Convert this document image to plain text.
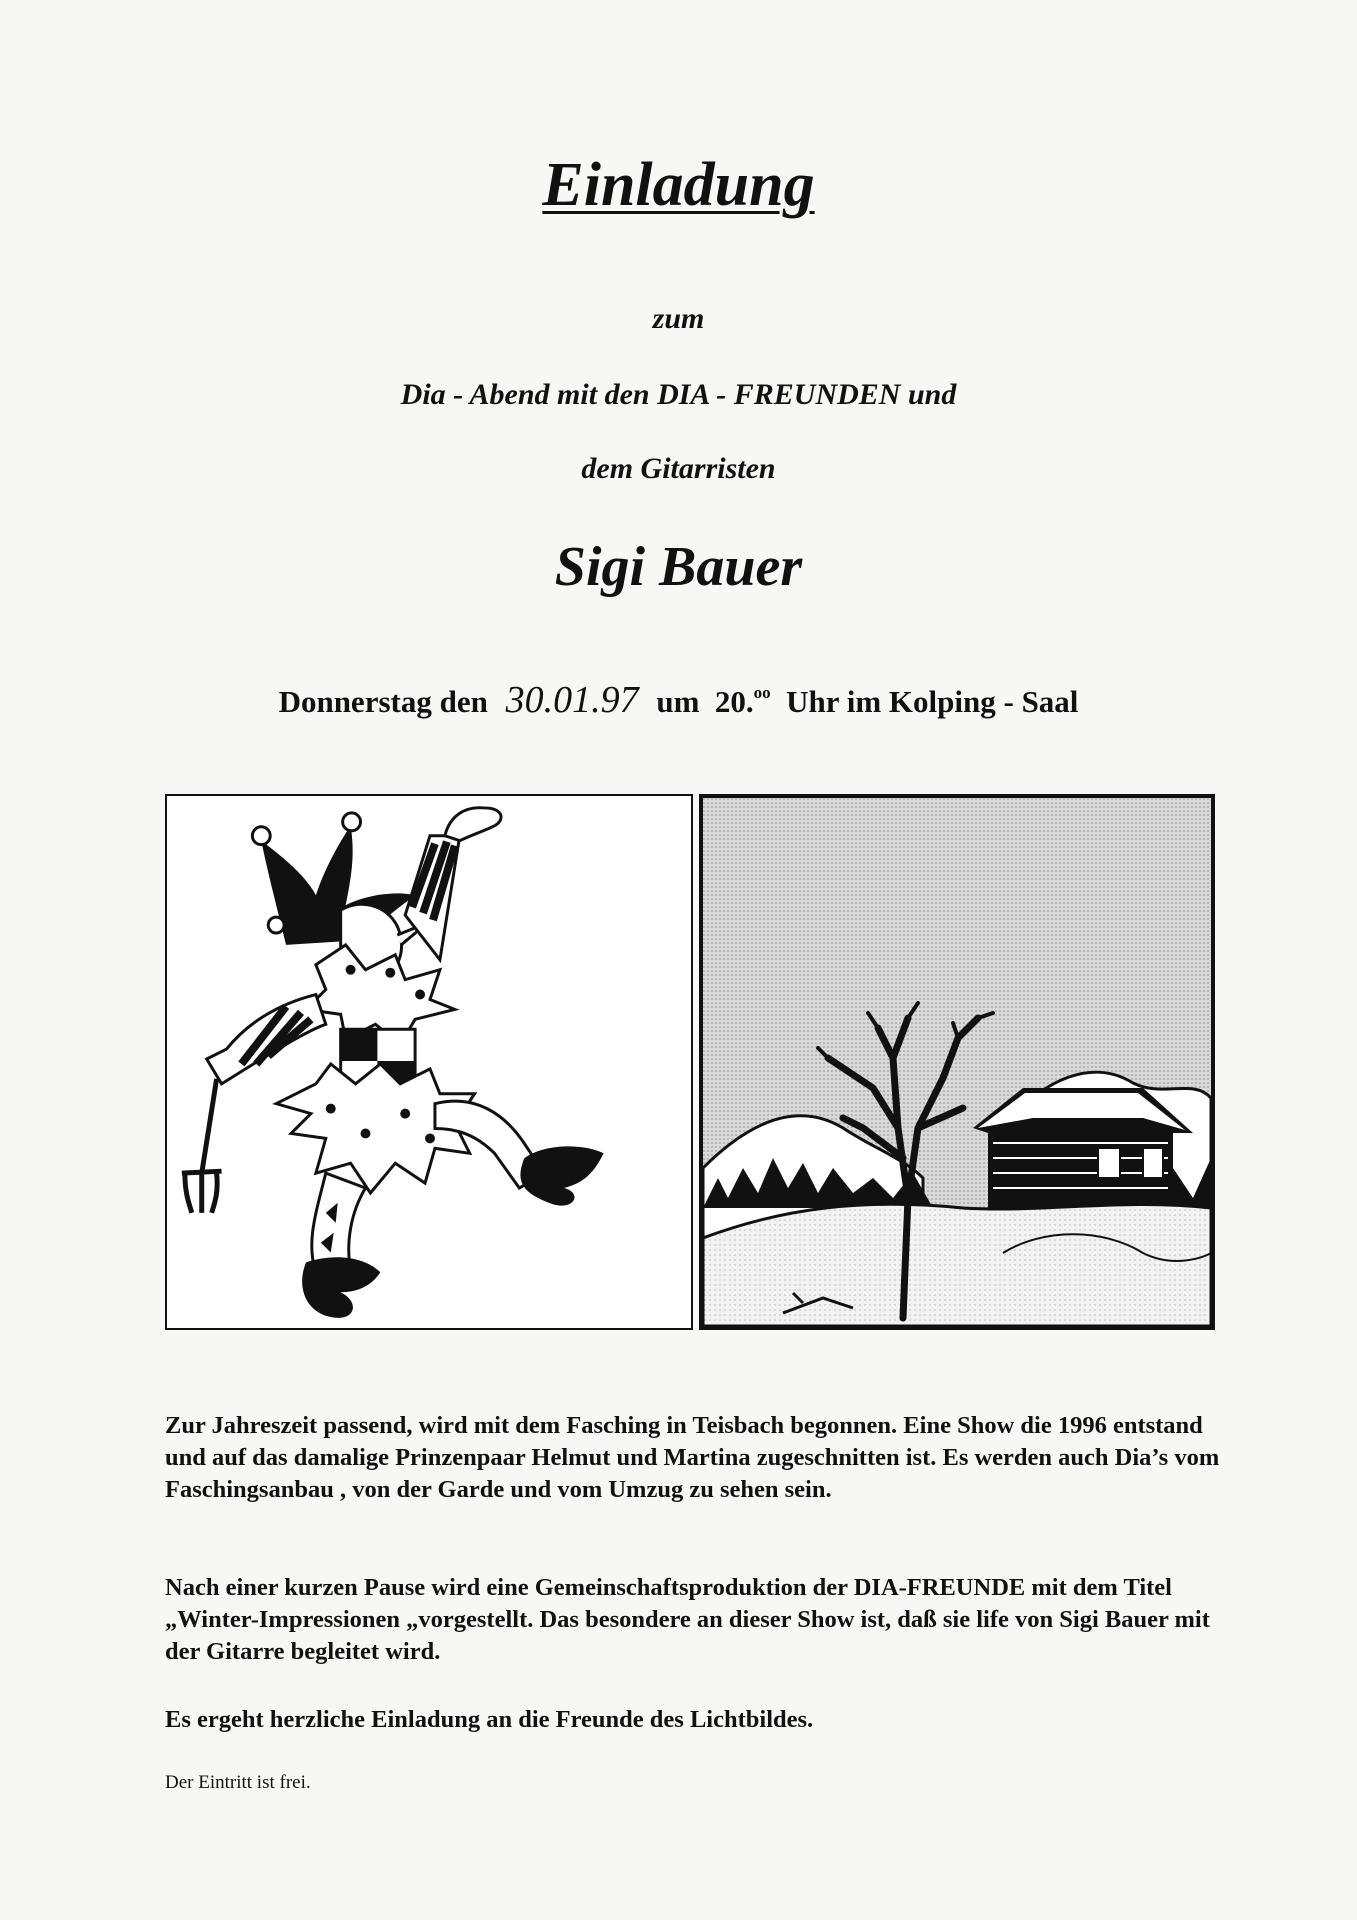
Einladung
zum
Dia - Abend mit den DIA - FREUNDEN und
dem Gitarristen
Sigi Bauer
Donnerstag den 30.01.97 um 20.$^{oo}$ Uhr im Kolping - Saal
Zur Jahreszeit passend, wird mit dem Fasching in Teisbach begonnen. Eine Show die 1996 entstand und auf das damalige Prinzenpaar Helmut und Martina zugeschnitten ist. Es werden auch Dia’s vom Faschingsanbau , von der Garde und vom Umzug zu sehen sein.
Nach einer kurzen Pause wird eine Gemeinschaftsproduktion der DIA-FREUNDE mit dem Titel „Winter-Impressionen „vorgestellt. Das besondere an dieser Show ist, daß sie life von Sigi Bauer mit der Gitarre begleitet wird.
Es ergeht herzliche Einladung an die Freunde des Lichtbildes.
Der Eintritt ist frei.
